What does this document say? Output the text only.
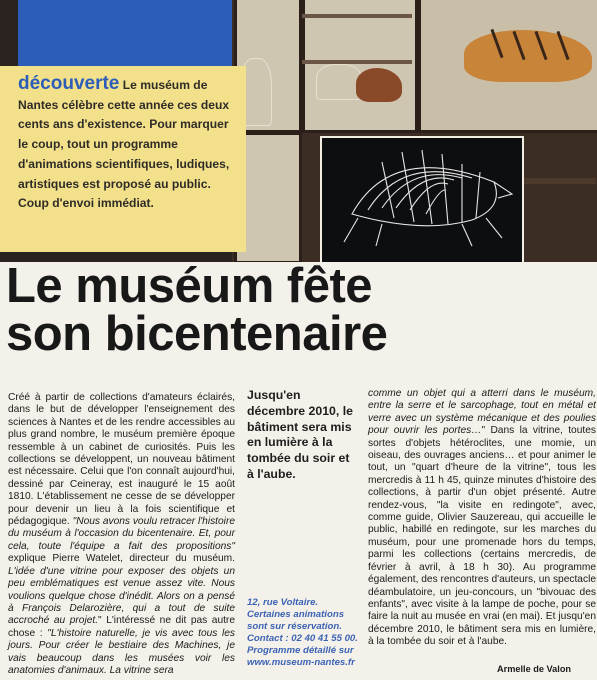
découverte Le muséum de Nantes célèbre cette année ces deux cents ans d'existence. Pour marquer le coup, tout un programme d'animations scientifiques, ludiques, artistiques est proposé au public. Coup d'envoi immédiat.

Le muséum fête
son bicentenaire

Créé à partir de collections d'amateurs éclairés, dans le but de développer l'enseignement des sciences à Nantes et de les rendre accessibles au plus grand nombre, le muséum première époque ressemble à un cabinet de curiosités. Puis les collections se développent, un nouveau bâtiment est nécessaire. Celui que l'on connaît aujourd'hui, dessiné par Ceineray, est inauguré le 15 août 1810. L'établissement ne cesse de se développer pour devenir un lieu à la fois scientifique et pédagogique. "Nous avons voulu retracer l'histoire du muséum à l'occasion du bicentenaire. Et, pour cela, toute l'équipe a fait des propositions" explique Pierre Watelet, directeur du muséum. L'idée d'une vitrine pour exposer des objets un peu emblématiques est venue assez vite. Nous voulions quelque chose d'inédit. Alors on a pensé à François Delarozière, qui a tout de suite accroché au projet." L'intéressé ne dit pas autre chose : "L'histoire naturelle, je vis avec tous les jours. Pour créer le bestiaire des Machines, je vais beaucoup dans les musées voir les anatomies d'animaux. La vitrine sera

Jusqu'en décembre 2010, le bâtiment sera mis en lumière à la tombée du soir et à l'aube.
12, rue Voltaire.
Certaines animations sont sur réservation.
Contact : 02 40 41 55 00.
Programme détaillé sur
www.museum-nantes.fr

comme un objet qui a atterri dans le muséum, entre la serre et le sarcophage, tout en métal et verre avec un système mécanique et des poulies pour ouvrir les portes…" Dans la vitrine, toutes sortes d'objets hétéroclites, une momie, un oiseau, des ouvrages anciens… et pour animer le tout, un "quart d'heure de la vitrine", tous les mercredis à 11 h 45, quinze minutes d'histoire des collections, à partir d'un objet présenté. Autre rendez-vous, "la visite en redingote", avec, comme guide, Olivier Sauzereau, qui accueille le public, habillé en redingote, sur les marches du muséum, pour une promenade hors du temps, parmi les collections (certains mercredis, de février à avril, à 18 h 30). Au programme également, des rencontres d'auteurs, un spectacle déambulatoire, un jeu-concours, un "bivouac des enfants", avec visite à la lampe de poche, pour se faire la nuit au musée en vrai (en mai). Et jusqu'en décembre 2010, le bâtiment sera mis en lumière, à la tombée du soir et à l'aube.

Armelle de Valon
